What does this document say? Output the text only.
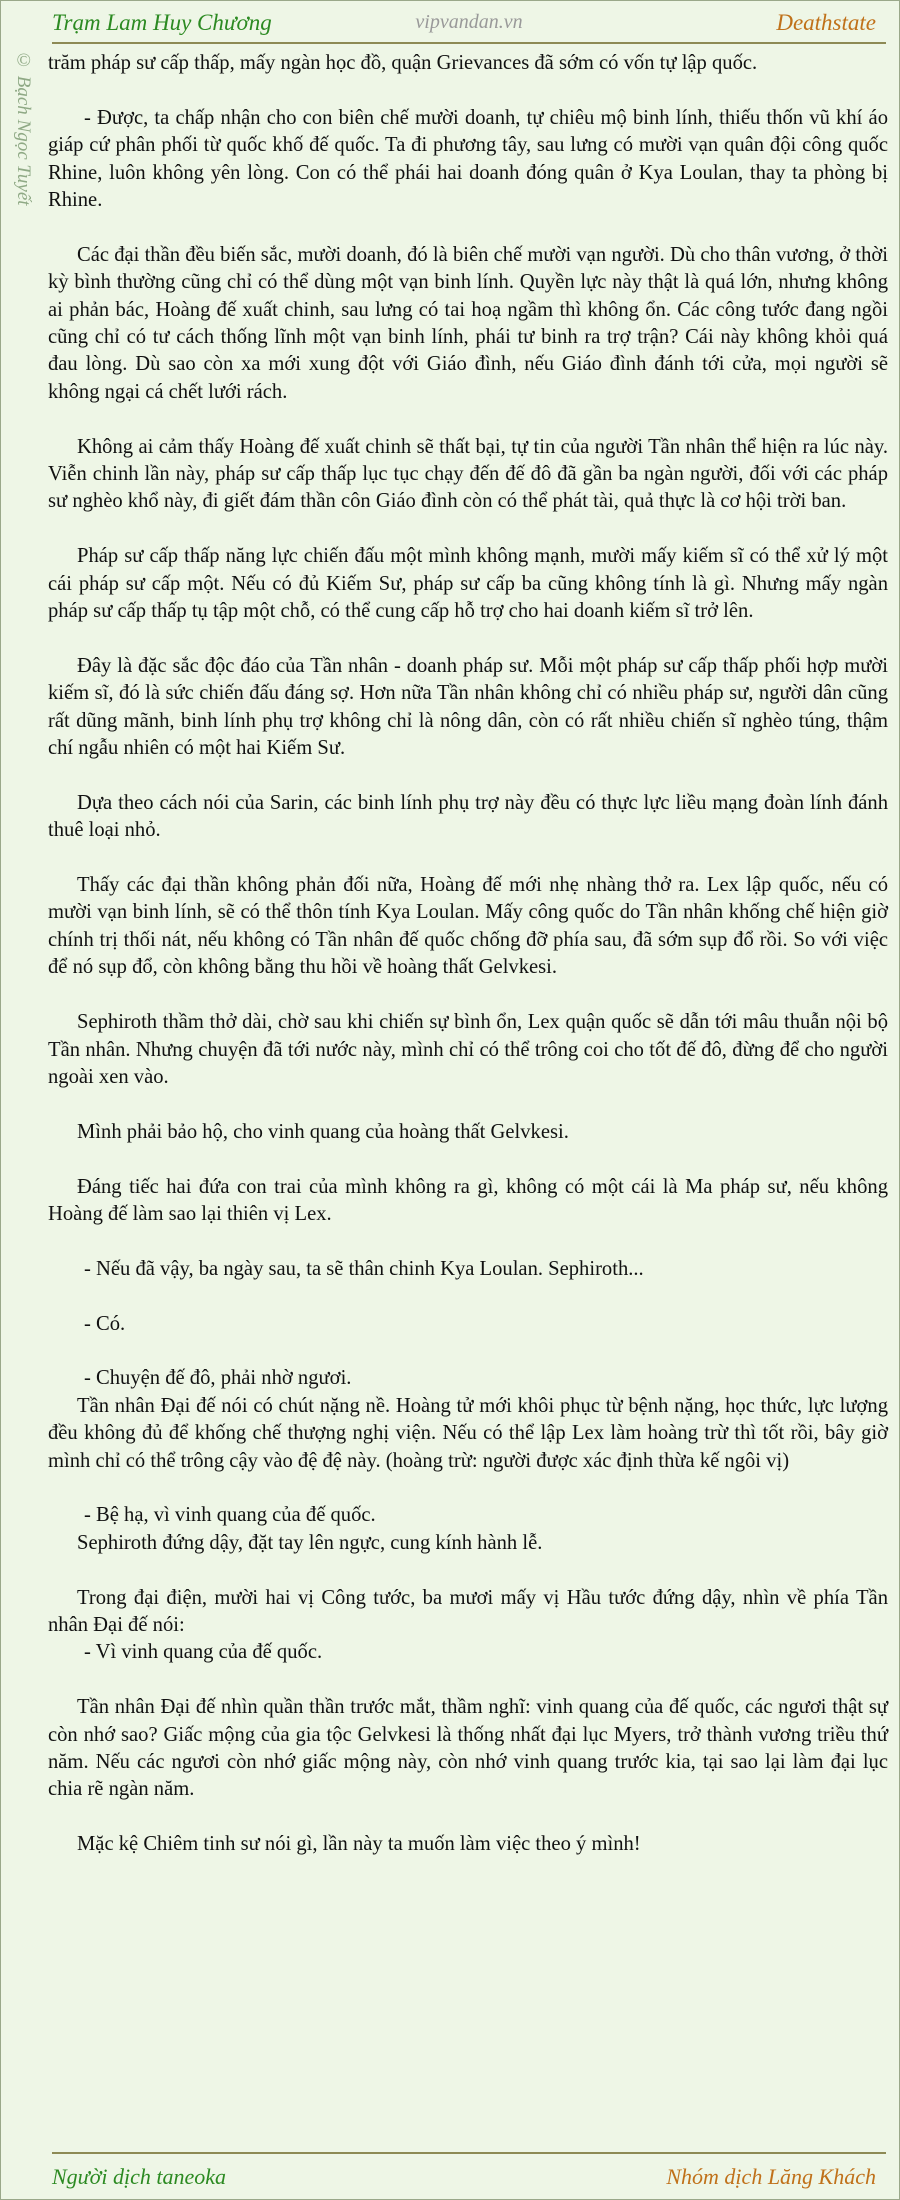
Trạm Lam Huy Chương	vipvandan.vn	Deathstate
© Bạch Ngọc Tuyết trăm pháp sư cấp thấp, mấy ngàn học đồ, quận Grievances đã sớm có vốn tự lập quốc.

- Được, ta chấp nhận cho con biên chế mười doanh, tự chiêu mộ binh lính, thiếu thốn vũ khí áo giáp cứ phân phối từ quốc khố đế quốc. Ta đi phương tây, sau lưng có mười vạn quân đội công quốc Rhine, luôn không yên lòng. Con có thể phái hai doanh đóng quân ở Kya Loulan, thay ta phòng bị Rhine.

Các đại thần đều biến sắc, mười doanh, đó là biên chế mười vạn người. Dù cho thân vương, ở thời kỳ bình thường cũng chỉ có thể dùng một vạn binh lính. Quyền lực này thật là quá lớn, nhưng không ai phản bác, Hoàng đế xuất chinh, sau lưng có tai hoạ ngầm thì không ổn. Các công tước đang ngồi cũng chỉ có tư cách thống lĩnh một vạn binh lính, phái tư binh ra trợ trận? Cái này không khỏi quá đau lòng. Dù sao còn xa mới xung đột với Giáo đình, nếu Giáo đình đánh tới cửa, mọi người sẽ không ngại cá chết lưới rách.

Không ai cảm thấy Hoàng đế xuất chinh sẽ thất bại, tự tin của người Tần nhân thể hiện ra lúc này. Viễn chinh lần này, pháp sư cấp thấp lục tục chạy đến đế đô đã gần ba ngàn người, đối với các pháp sư nghèo khổ này, đi giết đám thần côn Giáo đình còn có thể phát tài, quả thực là cơ hội trời ban.

Pháp sư cấp thấp năng lực chiến đấu một mình không mạnh, mười mấy kiếm sĩ có thể xử lý một cái pháp sư cấp một. Nếu có đủ Kiếm Sư, pháp sư cấp ba cũng không tính là gì. Nhưng mấy ngàn pháp sư cấp thấp tụ tập một chỗ, có thể cung cấp hỗ trợ cho hai doanh kiếm sĩ trở lên.

Đây là đặc sắc độc đáo của Tần nhân - doanh pháp sư. Mỗi một pháp sư cấp thấp phối hợp mười kiếm sĩ, đó là sức chiến đấu đáng sợ. Hơn nữa Tần nhân không chỉ có nhiều pháp sư, người dân cũng rất dũng mãnh, binh lính phụ trợ không chỉ là nông dân, còn có rất nhiều chiến sĩ nghèo túng, thậm chí ngẫu nhiên có một hai Kiếm Sư.

Dựa theo cách nói của Sarin, các binh lính phụ trợ này đều có thực lực liều mạng đoàn lính đánh thuê loại nhỏ.

Thấy các đại thần không phản đối nữa, Hoàng đế mới nhẹ nhàng thở ra. Lex lập quốc, nếu có mười vạn binh lính, sẽ có thể thôn tính Kya Loulan. Mấy công quốc do Tần nhân khống chế hiện giờ chính trị thối nát, nếu không có Tần nhân đế quốc chống đỡ phía sau, đã sớm sụp đổ rồi. So với việc để nó sụp đổ, còn không bằng thu hồi về hoàng thất Gelvkesi.

Sephiroth thầm thở dài, chờ sau khi chiến sự bình ổn, Lex quận quốc sẽ dẫn tới mâu thuẫn nội bộ Tần nhân. Nhưng chuyện đã tới nước này, mình chỉ có thể trông coi cho tốt đế đô, đừng để cho người ngoài xen vào.

Mình phải bảo hộ, cho vinh quang của hoàng thất Gelvkesi.

Đáng tiếc hai đứa con trai của mình không ra gì, không có một cái là Ma pháp sư, nếu không Hoàng đế làm sao lại thiên vị Lex.

- Nếu đã vậy, ba ngày sau, ta sẽ thân chinh Kya Loulan. Sephiroth...

- Có.

- Chuyện đế đô, phải nhờ ngươi.

Tần nhân Đại đế nói có chút nặng nề. Hoàng tử mới khôi phục từ bệnh nặng, học thức, lực lượng đều không đủ để khống chế thượng nghị viện. Nếu có thể lập Lex làm hoàng trừ thì tốt rồi, bây giờ mình chỉ có thể trông cậy vào đệ đệ này. (hoàng trừ: người được xác định thừa kế ngôi vị)

- Bệ hạ, vì vinh quang của đế quốc.

Sephiroth đứng dậy, đặt tay lên ngực, cung kính hành lễ.

Trong đại điện, mười hai vị Công tước, ba mươi mấy vị Hầu tước đứng dậy, nhìn về phía Tần nhân Đại đế nói:

- Vì vinh quang của đế quốc.

Tần nhân Đại đế nhìn quần thần trước mắt, thầm nghĩ: vinh quang của đế quốc, các ngươi thật sự còn nhớ sao? Giấc mộng của gia tộc Gelvkesi là thống nhất đại lục Myers, trở thành vương triều thứ năm. Nếu các ngươi còn nhớ giấc mộng này, còn nhớ vinh quang trước kia, tại sao lại làm đại lục chia rẽ ngàn năm.

Mặc kệ Chiêm tinh sư nói gì, lần này ta muốn làm việc theo ý mình!

Người dịch taneoka	Nhóm dịch Lăng Khách
